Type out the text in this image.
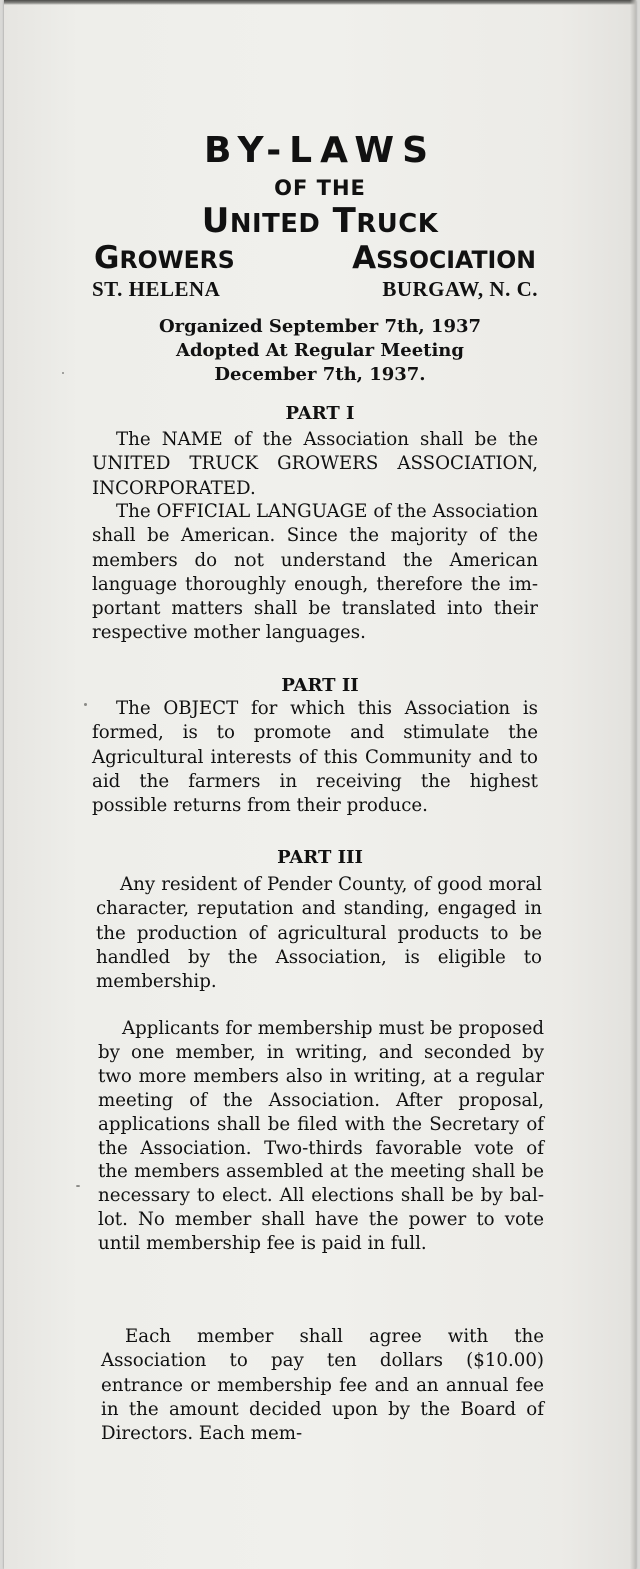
BY-LAWS
OF THE
UNITED TRUCK
GROWERS	ASSOCIATION
ST. HELENA	BURGAW, N. C.
Organized September 7th, 1937
Adopted At Regular Meeting
December 7th, 1937.
PART I
The NAME of the Association shall be the UNITED TRUCK GROWERS ASSOCIATION, INCORPORATED.
The OFFICIAL LANGUAGE of the Association shall be American. Since the majority of the members do not understand the American language thoroughly enough, therefore the important matters shall be translated into their respective mother languages.
PART II
The OBJECT for which this Association is formed, is to promote and stimulate the Agricultural interests of this Community and to aid the farmers in receiving the highest possible returns from their produce.
PART III
Any resident of Pender County, of good moral character, reputation and standing, engaged in the production of agricultural products to be handled by the Association, is eligible to membership.
Applicants for membership must be proposed by one member, in writing, and seconded by two more members also in writing, at a regular meeting of the Association. After proposal, applications shall be filed with the Secretary of the Association. Two-thirds favorable vote of the members assembled at the meeting shall be necessary to elect. All elections shall be by ballot. No member shall have the power to vote until membership fee is paid in full.
Each member shall agree with the Association to pay ten dollars ($10.00) entrance or membership fee and an annual fee in the amount decided upon by the Board of Directors. Each mem-
